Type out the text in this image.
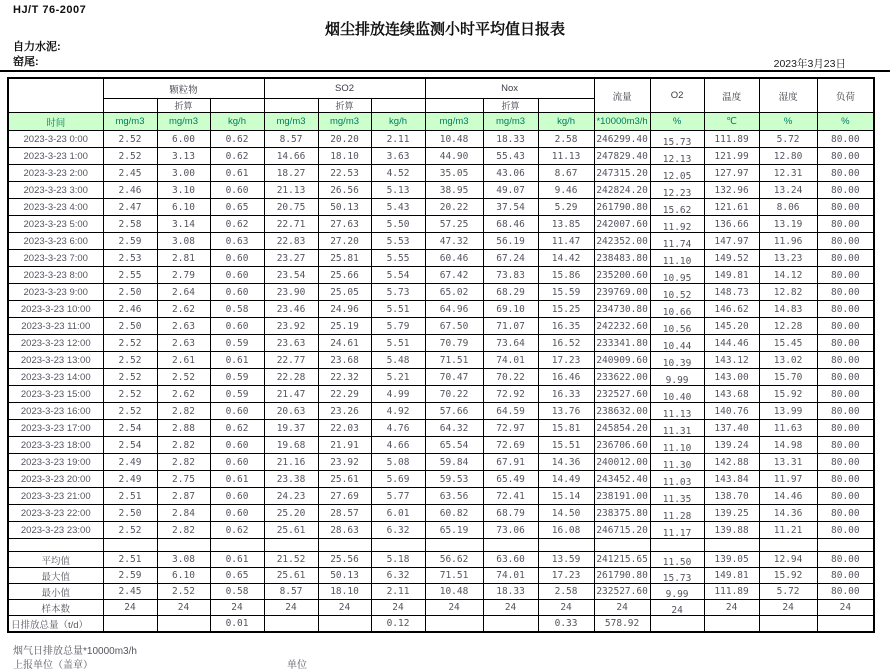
HJ/T 76-2007
烟尘排放连续监测小时平均值日报表
自力水泥:
窑尾:	2023年3月23日
	颗粒物			SO2			Nox			流量	O2	温度	湿度	负荷
		折算			折算			折算						
时间	mg/m3	mg/m3	kg/h	mg/m3	mg/m3	kg/h	mg/m3	mg/m3	kg/h	*10000m3/h	%	℃	%	%
2023-3-23 0:00	2.52	6.00	0.62	8.57	20.20	2.11	10.48	18.33	2.58	246299.40	15.73	111.89	5.72	80.00
2023-3-23 1:00	2.52	3.13	0.62	14.66	18.10	3.63	44.90	55.43	11.13	247829.40	12.13	121.99	12.80	80.00
2023-3-23 2:00	2.45	3.00	0.61	18.27	22.53	4.52	35.05	43.06	8.67	247315.20	12.05	127.97	12.31	80.00
2023-3-23 3:00	2.46	3.10	0.60	21.13	26.56	5.13	38.95	49.07	9.46	242824.20	12.23	132.96	13.24	80.00
2023-3-23 4:00	2.47	6.10	0.65	20.75	50.13	5.43	20.22	37.54	5.29	261790.80	15.62	121.61	8.06	80.00
2023-3-23 5:00	2.58	3.14	0.62	22.71	27.63	5.50	57.25	68.46	13.85	242007.60	11.92	136.66	13.19	80.00
2023-3-23 6:00	2.59	3.08	0.63	22.83	27.20	5.53	47.32	56.19	11.47	242352.00	11.74	147.97	11.96	80.00
2023-3-23 7:00	2.53	2.81	0.60	23.27	25.81	5.55	60.46	67.24	14.42	238483.80	11.10	149.52	13.23	80.00
2023-3-23 8:00	2.55	2.79	0.60	23.54	25.66	5.54	67.42	73.83	15.86	235200.60	10.95	149.81	14.12	80.00
2023-3-23 9:00	2.50	2.64	0.60	23.90	25.05	5.73	65.02	68.29	15.59	239769.00	10.52	148.73	12.82	80.00
2023-3-23 10:00	2.46	2.62	0.58	23.46	24.96	5.51	64.96	69.10	15.25	234730.80	10.66	146.62	14.83	80.00
2023-3-23 11:00	2.50	2.63	0.60	23.92	25.19	5.79	67.50	71.07	16.35	242232.60	10.56	145.20	12.28	80.00
2023-3-23 12:00	2.52	2.63	0.59	23.63	24.61	5.51	70.79	73.64	16.52	233341.80	10.44	144.46	15.45	80.00
2023-3-23 13:00	2.52	2.61	0.61	22.77	23.68	5.48	71.51	74.01	17.23	240909.60	10.39	143.12	13.02	80.00
2023-3-23 14:00	2.52	2.52	0.59	22.28	22.32	5.21	70.47	70.22	16.46	233622.00	9.99	143.00	15.70	80.00
2023-3-23 15:00	2.52	2.62	0.59	21.47	22.29	4.99	70.22	72.92	16.33	232527.60	10.40	143.68	15.92	80.00
2023-3-23 16:00	2.52	2.82	0.60	20.63	23.26	4.92	57.66	64.59	13.76	238632.00	11.13	140.76	13.99	80.00
2023-3-23 17:00	2.54	2.88	0.62	19.37	22.03	4.76	64.32	72.97	15.81	245854.20	11.31	137.40	11.63	80.00
2023-3-23 18:00	2.54	2.82	0.60	19.68	21.91	4.66	65.54	72.69	15.51	236706.60	11.10	139.24	14.98	80.00
2023-3-23 19:00	2.49	2.82	0.60	21.16	23.92	5.08	59.84	67.91	14.36	240012.00	11.30	142.88	13.31	80.00
2023-3-23 20:00	2.49	2.75	0.61	23.38	25.61	5.69	59.53	65.49	14.49	243452.40	11.03	143.84	11.97	80.00
2023-3-23 21:00	2.51	2.87	0.60	24.23	27.69	5.77	63.56	72.41	15.14	238191.00	11.35	138.70	14.46	80.00
2023-3-23 22:00	2.50	2.84	0.60	25.20	28.57	6.01	60.82	68.79	14.50	238375.80	11.28	139.25	14.36	80.00
2023-3-23 23:00	2.52	2.82	0.62	25.61	28.63	6.32	65.19	73.06	16.08	246715.20	11.17	139.88	11.21	80.00

平均值	2.51	3.08	0.61	21.52	25.56	5.18	56.62	63.60	13.59	241215.65	11.50	139.05	12.94	80.00
最大值	2.59	6.10	0.65	25.61	50.13	6.32	71.51	74.01	17.23	261790.80	15.73	149.81	15.92	80.00
最小值	2.45	2.52	0.58	8.57	18.10	2.11	10.48	18.33	2.58	232527.60	9.99	111.89	5.72	80.00
样本数	24	24	24	24	24	24	24	24	24	24	24	24	24	24
日排放总量（t/d）			0.01			0.12			0.33	578.92				
烟气日排放总量*10000m3/h
上报单位（盖章）	单位
